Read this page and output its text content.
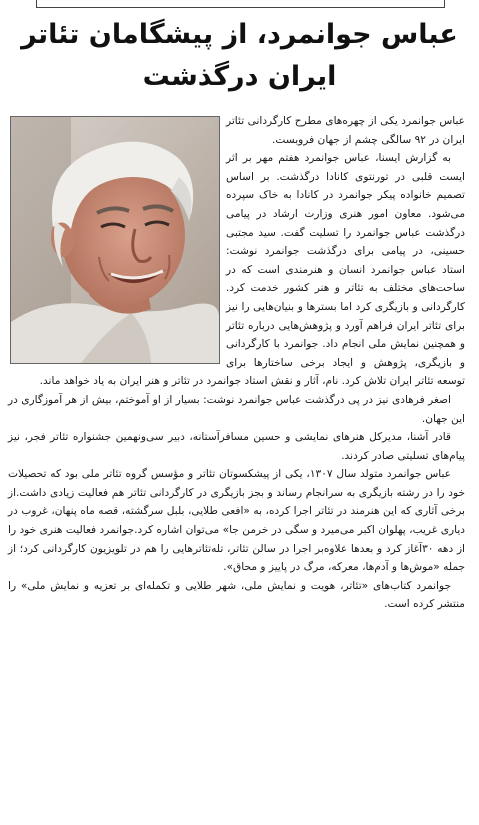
عباس جوانمرد، از پیشگامان تئاتر
ایران درگذشت

عباس جوانمرد یکی از چهره‌های مطرح کارگردانی تئاتر ایران در ۹۲ سالگی چشم از جهان فروبست.

به گزارش ایسنا، عباس جوانمرد هفتم مهر بر اثر ایست قلبی در تورنتوی کانادا درگذشت. بر اساس تصمیم خانواده پیکر جوانمرد در کانادا به خاک سپرده می‌شود. معاون امور هنری وزارت ارشاد در پیامی درگذشت عباس جوانمرد را تسلیت گفت. سید مجتبی حسینی، در پیامی برای درگذشت جوانمرد نوشت: استاد عباس جوانمرد انسان و هنرمندی است که در ساحت‌های مختلف به تئاتر و هنر کشور خدمت کرد. کارگردانی و بازیگری کرد اما بسترها و بنیان‌هایی را نیز برای تئاتر ایران فراهم آورد و پژوهش‌هایی درباره تئاتر و همچنین نمایش ملی انجام داد. جوانمرد با کارگردانی و بازیگری، پژوهش و ایجاد برخی ساختارها برای توسعه تئاتر ایران تلاش کرد. نام، آثار و نقش استاد جوانمرد در تئاتر و هنر ایران به یاد خواهد ماند.

اصغر فرهادی نیز در پی درگذشت عباس جوانمرد نوشت: بسیار از او آموختم، بیش از هر آموزگاری در این جهان.

قادر آشنا، مدیرکل هنرهای نمایشی و حسین مسافرآستانه، دبیر سی‌ونهمین جشنواره تئاتر فجر، نیز پیام‌های تسلیتی صادر کردند.

عباس جوانمرد متولد سال ۱۳۰۷، یکی از پیشکسوتان تئاتر و مؤسس گروه تئاتر ملی بود که تحصیلات خود را در رشته بازیگری به سرانجام رساند و بجز بازیگری در کارگردانی تئاتر هم فعالیت زیادی داشت.از برخی آثاری که این هنرمند در تئاتر اجرا کرده، به «افعی طلایی، بلبل سرگشته، قصه ماه پنهان، غروب در دیاری غریب، پهلوان اکبر می‌میرد و سگی در خرمن جا» می‌توان اشاره کرد.جوانمرد فعالیت هنری خود را از دهه ۳۰آغاز کرد و بعدها علاوه‌بر اجرا در سالن تئاتر، تله‌تئاترهایی را هم در تلویزیون کارگردانی کرد؛ از جمله «موش‌ها و آدم‌ها، معرکه، مرگ در پاییز و محاق».

جوانمرد کتاب‌های «تئاتر، هویت و نمایش ملی، شهر طلایی و تکمله‌ای بر تعزیه و نمایش ملی» را منتشر کرده است.
